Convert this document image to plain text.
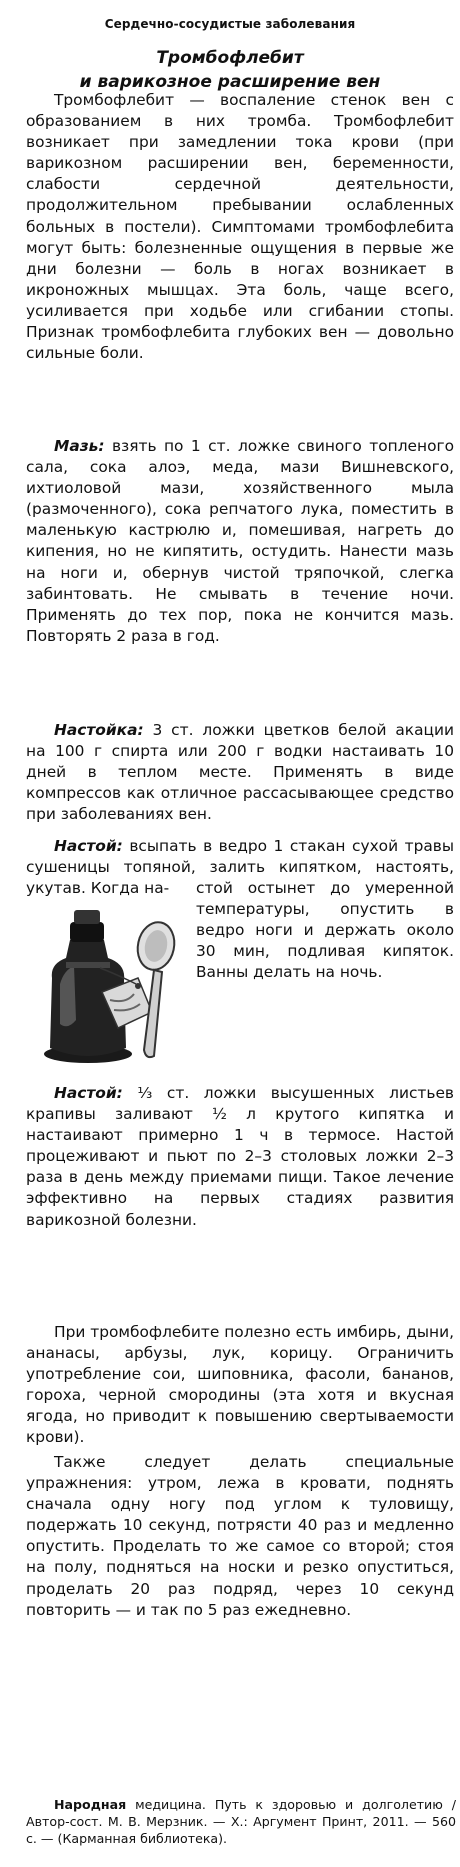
Сердечно-сосудистые заболевания
Тромбофлебит
и варикозное расширение вен

Тромбофлебит — воспаление стенок вен с образованием в них тромба. Тромбофлебит возникает при замедлении тока крови (при варикозном расширении вен, беременности, слабости сердечной деятельности, продолжительном пребывании ослабленных больных в постели). Симптомами тромбофлебита могут быть: болезненные ощущения в первые же дни болезни — боль в ногах возникает в икроножных мышцах. Эта боль, чаще всего, усиливается при ходьбе или сгибании стопы. Признак тромбофлебита глубоких вен — довольно сильные боли.

Мазь: взять по 1 ст. ложке свиного топленого сала, сока алоэ, меда, мази Вишневского, ихтиоловой мази, хозяйственного мыла (размоченного), сока репчатого лука, поместить в маленькую кастрюлю и, помешивая, нагреть до кипения, но не кипятить, остудить. Нанести мазь на ноги и, обернув чистой тряпочкой, слегка забинтовать. Не смывать в течение ночи. Применять до тех пор, пока не кончится мазь. Повторять 2 раза в год.

Настойка: 3 ст. ложки цветков белой акации на 100 г спирта или 200 г водки настаивать 10 дней в теплом месте. Применять в виде компрессов как отличное рассасывающее средство при заболеваниях вен.

Настой: всыпать в ведро 1 стакан сухой травы сушеницы топяной, залить кипятком, настоять, укутав. Когда на-	стой остынет до умеренной температуры, опустить в ведро ноги и держать около 30 мин, подливая кипяток. Ванны делать на ночь.

Настой: ⅓ ст. ложки высушенных листьев крапивы заливают ½ л крутого кипятка и настаивают примерно 1 ч в термосе. Настой процеживают и пьют по 2–3 столовых ложки 2–3 раза в день между приемами пищи. Такое лечение эффективно на первых стадиях развития варикозной болезни.

При тромбофлебите полезно есть имбирь, дыни, ананасы, арбузы, лук, корицу. Ограничить употребление сои, шиповника, фасоли, бананов, гороха, черной смородины (эта хотя и вкусная ягода, но приводит к повышению свертываемости крови).

Также следует делать специальные упражнения: утром, лежа в кровати, поднять сначала одну ногу под углом к туловищу, подержать 10 секунд, потрясти 40 раз и медленно опустить. Проделать то же самое со второй; стоя на полу, подняться на носки и резко опуститься, проделать 20 раз подряд, через 10 секунд повторить — и так по 5 раз ежедневно.

Народная медицина. Путь к здоровью и долголетию / Автор-сост. М. В. Мерзник. — Х.: Аргумент Принт, 2011. — 560 с. — (Карманная библиотека).
